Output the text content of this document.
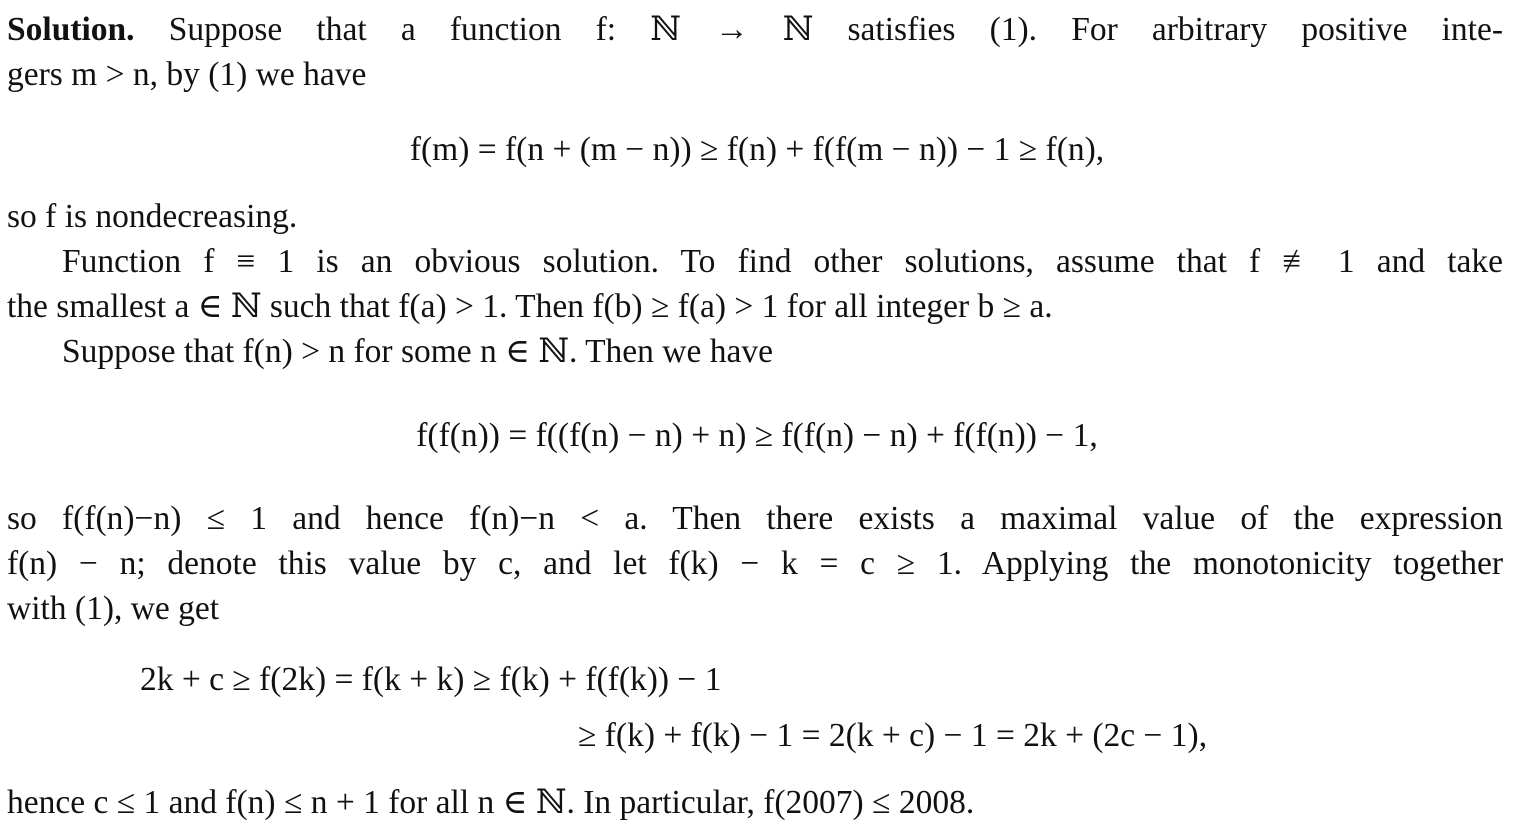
Solution. Suppose that a function f: ℕ → ℕ satisfies (1). For arbitrary positive inte-
gers m > n, by (1) we have
f(m) = f(n + (m − n)) ≥ f(n) + f(f(m − n)) − 1 ≥ f(n),
so f is nondecreasing.
Function f ≡ 1 is an obvious solution. To find other solutions, assume that f ≢ 1 and take
the smallest a ∈ ℕ such that f(a) > 1. Then f(b) ≥ f(a) > 1 for all integer b ≥ a.
Suppose that f(n) > n for some n ∈ ℕ. Then we have
f(f(n)) = f((f(n) − n) + n) ≥ f(f(n) − n) + f(f(n)) − 1,
so f(f(n)−n) ≤ 1 and hence f(n)−n < a. Then there exists a maximal value of the expression
f(n) − n; denote this value by c, and let f(k) − k = c ≥ 1. Applying the monotonicity together
with (1), we get
2k + c ≥ f(2k) = f(k + k) ≥ f(k) + f(f(k)) − 1
≥ f(k) + f(k) − 1 = 2(k + c) − 1 = 2k + (2c − 1),
hence c ≤ 1 and f(n) ≤ n + 1 for all n ∈ ℕ. In particular, f(2007) ≤ 2008.
